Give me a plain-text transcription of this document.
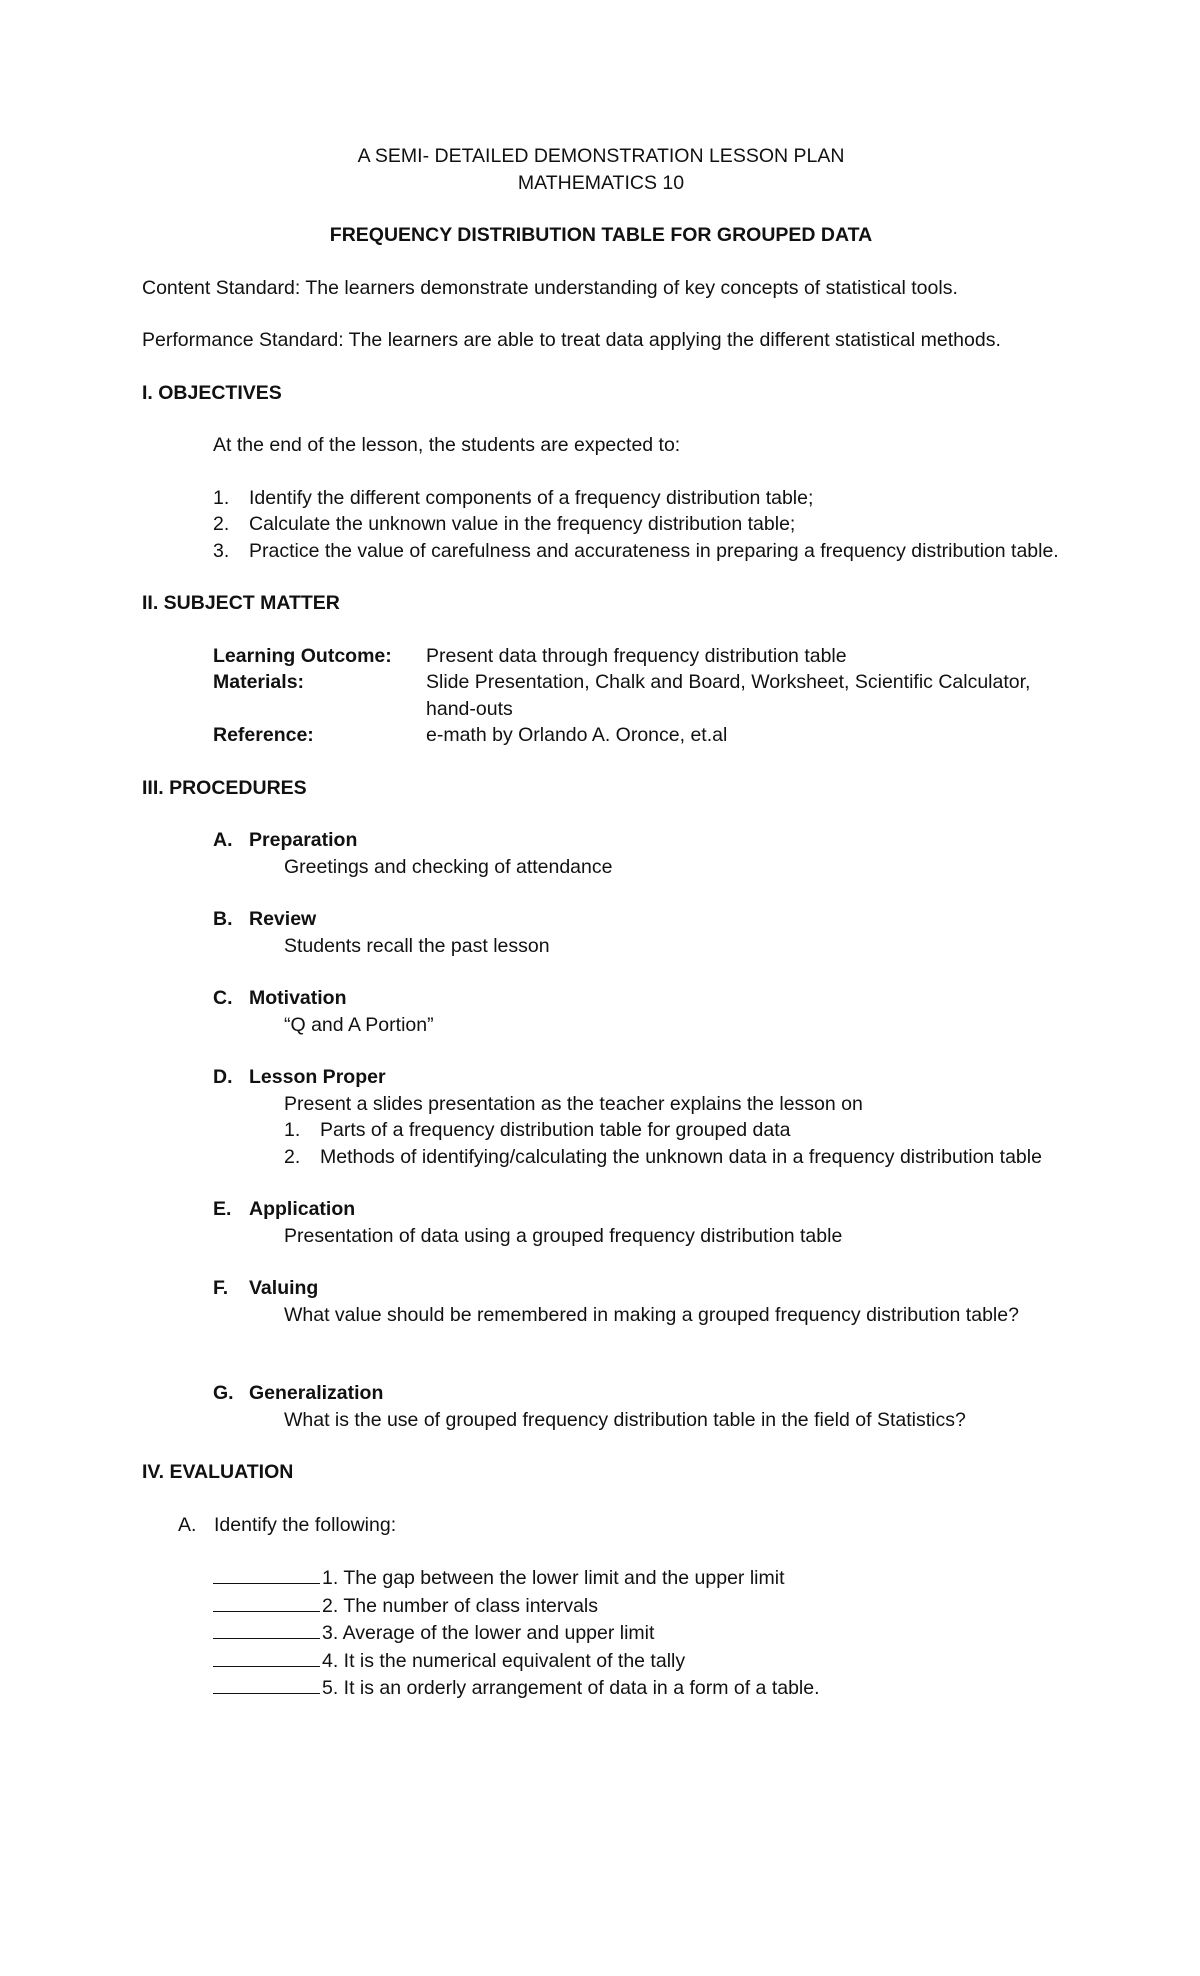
A SEMI- DETAILED DEMONSTRATION LESSON PLAN

MATHEMATICS 10

FREQUENCY DISTRIBUTION TABLE FOR GROUPED DATA

Content Standard: The learners demonstrate understanding of key concepts of statistical tools.

Performance Standard: The learners are able to treat data applying the different statistical methods.

I. OBJECTIVES

At the end of the lesson, the students are expected to:

1.	Identify the different components of a frequency distribution table;
2.	Calculate the unknown value in the frequency distribution table;
3.	Practice the value of carefulness and accurateness in preparing a frequency distribution table.

II. SUBJECT MATTER

Learning Outcome:	Present data through frequency distribution table
Materials:	Slide Presentation, Chalk and Board, Worksheet, Scientific Calculator, hand-outs
Reference:	e-math by Orlando A. Oronce, et.al

III. PROCEDURES

A. Preparation

Greetings and checking of attendance

B. Review

Students recall the past lesson

C. Motivation

“Q and A Portion”

D. Lesson Proper

Present a slides presentation as the teacher explains the lesson on

1.	Parts of a frequency distribution table for grouped data
2.	Methods of identifying/calculating the unknown data in a frequency distribution table
E. Application

Presentation of data using a grouped frequency distribution table

F.	Valuing

What value should be remembered in making a grouped frequency distribution table?

G. Generalization

What is the use of grouped frequency distribution table in the field of Statistics?

IV. EVALUATION

A. Identify the following:
1. The gap between the lower limit and the upper limit
2. The number of class intervals
3. Average of the lower and upper limit
4. It is the numerical equivalent of the tally
5. It is an orderly arrangement of data in a form of a table.
